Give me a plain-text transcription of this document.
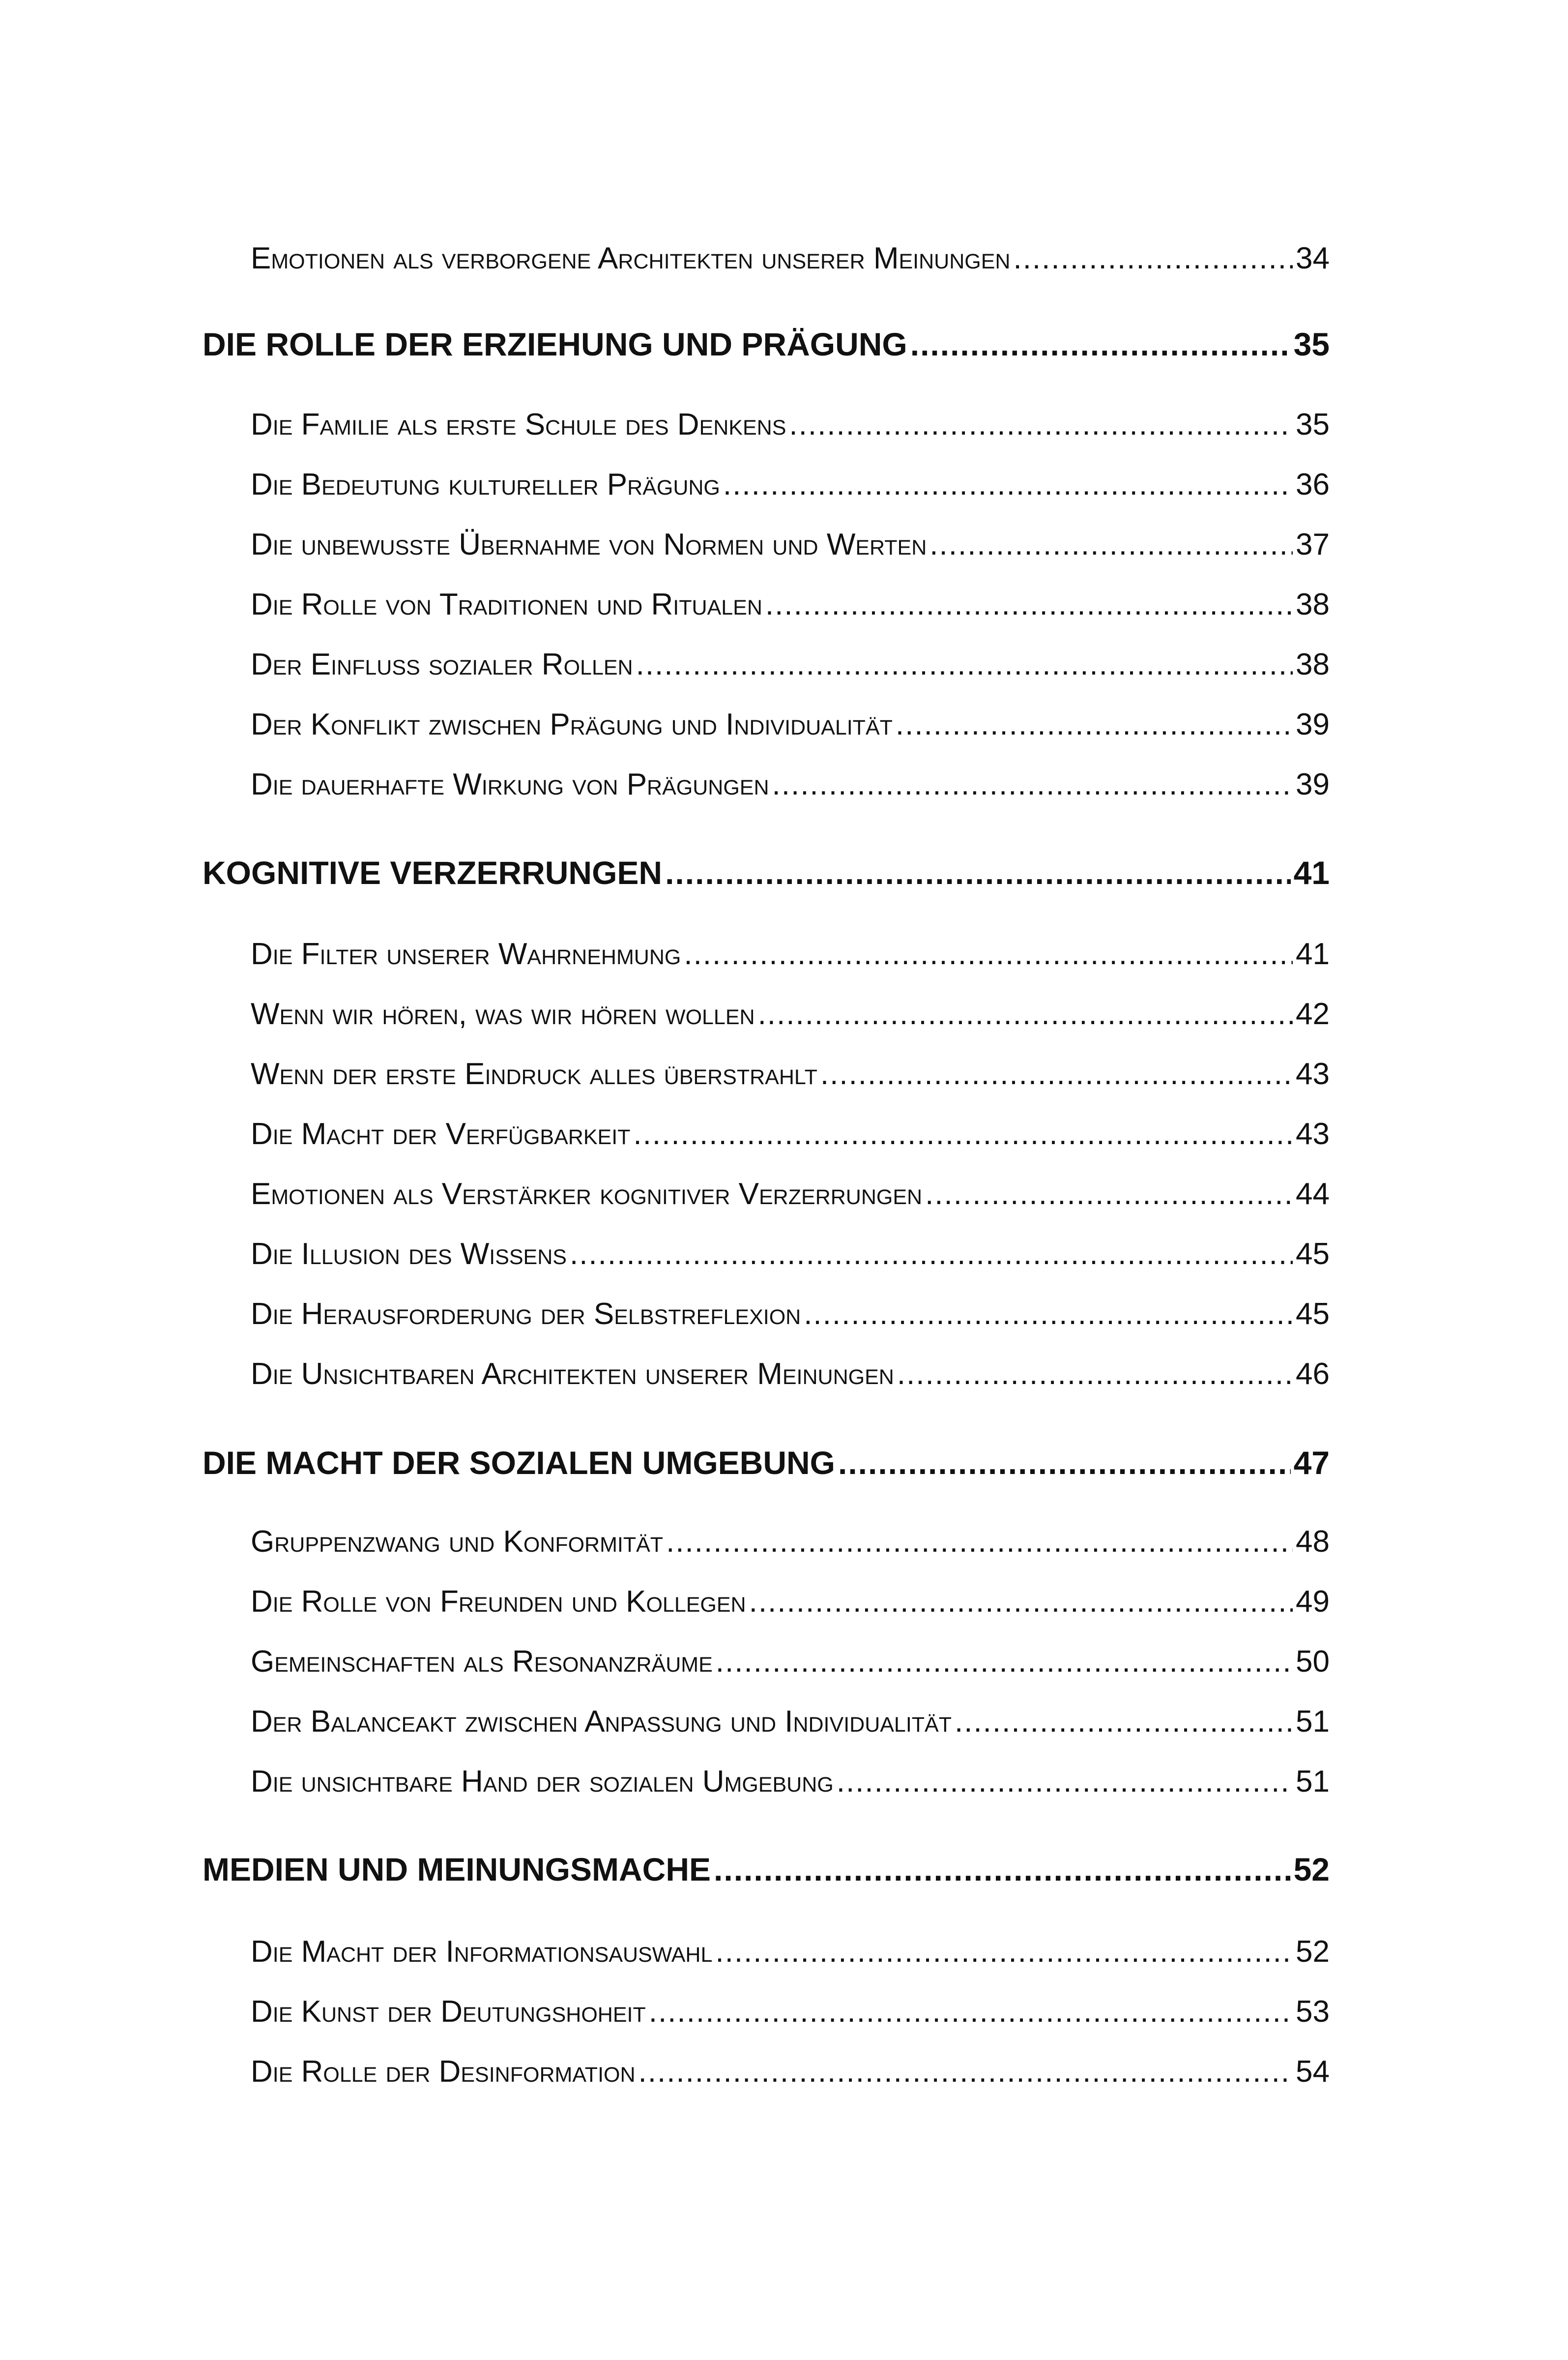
Emotionen als verborgene Architekten unserer Meinungen .....	34
DIE ROLLE DER ERZIEHUNG UND PRÄGUNG .....	35
Die Familie als erste Schule des Denkens .....	35
Die Bedeutung kultureller Prägung .....	36
Die unbewusste Übernahme von Normen und Werten .....	37
Die Rolle von Traditionen und Ritualen .....	38
Der Einfluss sozialer Rollen .....	38
Der Konflikt zwischen Prägung und Individualität .....	39
Die dauerhafte Wirkung von Prägungen .....	39
KOGNITIVE VERZERRUNGEN .....	41
Die Filter unserer Wahrnehmung .....	41
Wenn wir hören, was wir hören wollen .....	42
Wenn der erste Eindruck alles überstrahlt .....	43
Die Macht der Verfügbarkeit .....	43
Emotionen als Verstärker kognitiver Verzerrungen .....	44
Die Illusion des Wissens .....	45
Die Herausforderung der Selbstreflexion .....	45
Die Unsichtbaren Architekten unserer Meinungen .....	46
DIE MACHT DER SOZIALEN UMGEBUNG .....	47
Gruppenzwang und Konformität .....	48
Die Rolle von Freunden und Kollegen .....	49
Gemeinschaften als Resonanzräume .....	50
Der Balanceakt zwischen Anpassung und Individualität .....	51
Die unsichtbare Hand der sozialen Umgebung .....	51
MEDIEN UND MEINUNGSMACHE .....	52
Die Macht der Informationsauswahl .....	52
Die Kunst der Deutungshoheit .....	53
Die Rolle der Desinformation .....	54
